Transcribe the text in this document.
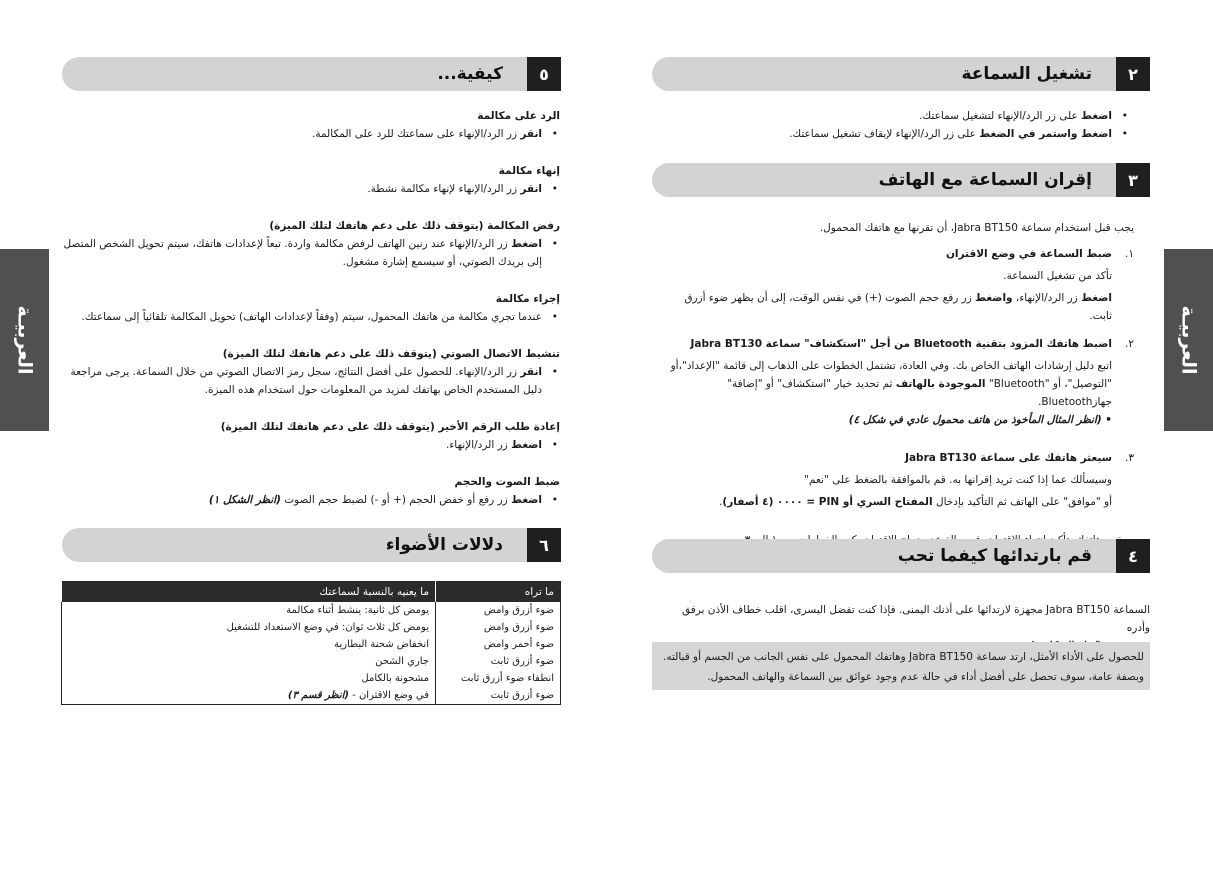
العربيـة	العربيـة
تشغيل السماعة	٢
• اضغط على زر الرد/الإنهاء لتشغيل سماعتك.
• اضغط واستمر في الضغط على زر الرد/الإنهاء لإيقاف تشغيل سماعتك.
إقران السماعة مع الهاتف	٣
يجب قبل استخدام سماعة Jabra BT150، أن تقرنها مع هاتفك المحمول.
١.
ضبط السماعة في وضع الاقتران
تأكد من تشغيل السماعة.
اضغط زر الرد/الإنهاء، واضغط زر رفع حجم الصوت (+) في نفس الوقت، إلى أن يظهر ضوء أزرق ثابت.
٢.
اضبط هاتفك المزود بتقنية Bluetooth من أجل "استكشاف" سماعة Jabra BT130
اتبع دليل إرشادات الهاتف الخاص بك. وفي العادة، تشتمل الخطوات على الذهاب إلى قائمة "الإعداد"،أو
"التوصيل"، أو "Bluetooth" الموجودة بالهاتف ثم تحديد خيار "استكشاف" أو "إضافة" جهازBluetooth.
• (انظر المثال المأخوذ من هاتف محمول عادي في شكل ٤)
٣.
سيعثر هاتفك على سماعة Jabra BT130
وسيسألك عما إذا كنت تريد إقرانها به. قم بالموافقة بالضغط على "نعم"
أو "موافق" على الهاتف ثم التأكيد بإدخال المفتاح السري أو PIN = ٠٠٠٠ (٤ أصفار).
قم بارتدائها كيفما تحب	٤
السماعة Jabra BT150 مجهزة لارتدائها على أذنك اليمنى. فإذا كنت تفضل اليسرى، اقلب خطاف الأذن برفق وأدره
للحصول على الأداء الأمثل، ارتد سماعة Jabra BT150 وهاتفك المحمول على نفس الجانب من الجسم أو قبالته.
وبصفة عامة، سوف تحصل على أفضل أداء في حالة عدم وجود عوائق بين السماعة والهاتف المحمول.
كيفية...	٥
الرد على مكالمة
• انقر زر الرد/الإنهاء على سماعتك للرد على المكالمة.
إنهاء مكالمة
• انقر زر الرد/الإنهاء لإنهاء مكالمة نشطة.
رفض المكالمة (يتوقف ذلك على دعم هاتفك لتلك الميزة)
• اضغط زر الرد/الإنهاء عند رنين الهاتف لرفض مكالمة واردة. تبعاً لإعدادات هاتفك، سيتم تحويل الشخص المتصل إلى بريدك الصوتي، أو سيسمع إشارة مشغول.
إجراء مكالمة
• عندما تجري مكالمة من هاتفك المحمول، سيتم (وفقاً لإعدادات الهاتف) تحويل المكالمة تلقائياً إلى سماعتك.
تنشيط الاتصال الصوتي (يتوقف ذلك على دعم هاتفك لتلك الميزة)
• انقر زر الرد/الإنهاء. للحصول على أفضل النتائج، سجل رمز الاتصال الصوتي من خلال السماعة. يرجى مراجعة دليل المستخدم الخاص بهاتفك لمزيد من المعلومات حول استخدام هذه الميزة.
إعادة طلب الرقم الأخير (يتوقف ذلك على دعم هاتفك لتلك الميزة)
• اضغط زر الرد/الإنهاء.
ضبط الصوت والحجم
• اضغط زر رفع أو خفض الحجم (+ أو -) لضبط حجم الصوت (انظر الشكل ١)
دلالات الأضواء	٦
ما تراه	ما يعنيه بالنسبة لسماعتك
ضوء أزرق وامض	يومض كل ثانية: ينشط أثناء مكالمة
ضوء أزرق وامض	يومض كل ثلاث ثوان: في وضع الاستعداد للتشغيل
ضوء أحمر وامض	انخفاض شحنة البطارية
ضوء أزرق ثابت	جاري الشحن
انطفاء ضوء أزرق ثابت	مشحونة بالكامل
ضوء أزرق ثابت	في وضع الاقتران - (انظر قسم ٣)
